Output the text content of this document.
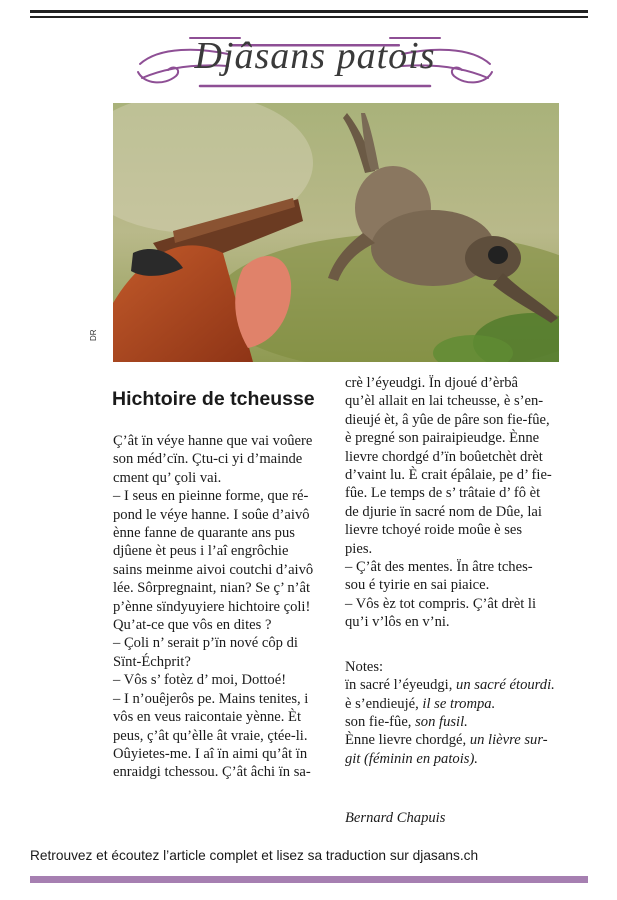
Djâsans patois
DR
Hichtoire de tcheusse

Ç’ât ïn véye hanne que vai voûere

son méd’cïn. Çtu-ci yi d’mainde

cment qu’ çoli vai.

– I seus en pieinne forme, que ré-

pond le véye hanne. I soûe d’aivô

ènne fanne de quarante ans pus

djûene èt peus i l’aî engrôchie

sains meinme aivoi coutchi d’aivô

lée. Sôrpregnaint, nian? Se ç’ n’ât

p’ènne sïndyuyiere hichtoire çoli!

Qu’at-ce que vôs en dites ?

– Çoli n’ serait p’ïn nové côp di

Sïnt-Échprit?

– Vôs s’ fotèz d’ moi, Dottoé!

– I n’ouêjerôs pe. Mains tenites, i

vôs en veus raicontaie yènne. Èt

peus, ç’ât qu’èlle ât vraie, çtée-li.

Oûyietes-me. I aî ïn aimi qu’ât ïn

enraidgi tchessou. Ç’ât âchi ïn sa-

crè l’éyeudgi. Ïn djoué d’èrbâ

qu’èl allait en lai tcheusse, è s’en-

dieujé èt, â yûe de pâre son fie-fûe,

è pregné son pairaipieudge. Ènne

lievre chordgé d’ïn boûetchèt drèt

d’vaint lu. È crait épâlaie, pe d’ fie-

fûe. Le temps de s’ trâtaie d’ fô èt

de djurie ïn sacré nom de Dûe, lai

lievre tchoyé roide moûe è ses

pies.

– Ç’ât des mentes. Ïn âtre tches-

sou é tyirie en sai piaice.

– Vôs èz tot compris. Ç’ât drèt li

qu’i v’lôs en v’ni.

Notes:

ïn sacré l’éyeudgi, un sacré étourdi.

è s’endieujé, il se trompa.

son fie-fûe, son fusil.

Ènne lievre chordgé, un lièvre sur-

git (féminin en patois).

Bernard Chapuis
Retrouvez et écoutez l’article complet et lisez sa traduction sur djasans.ch
